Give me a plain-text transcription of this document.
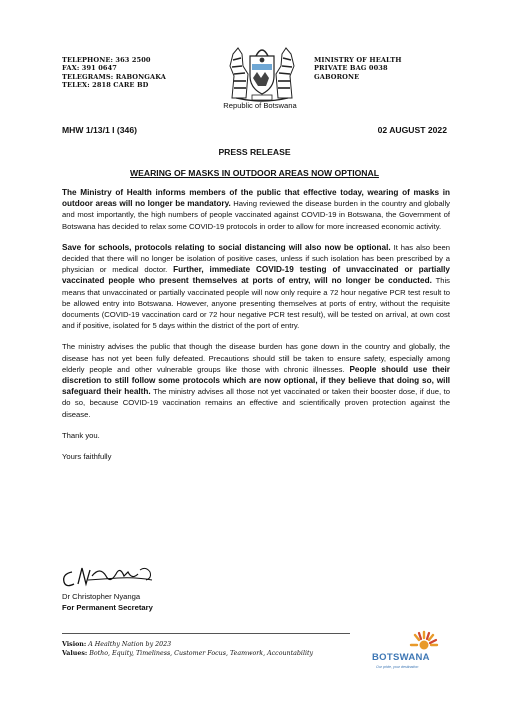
TELEPHONE: 363 2500
FAX: 391 0647
TELEGRAMS: RABONGAKA
TELEX: 2818 CARE BD
Republic of Botswana
MINISTRY OF HEALTH
PRIVATE BAG 0038
GABORONE
MHW 1/13/1 I (346)	02 AUGUST 2022
PRESS RELEASE
WEARING OF MASKS IN OUTDOOR AREAS NOW OPTIONAL

The Ministry of Health informs members of the public that effective today, wearing of masks in outdoor areas will no longer be mandatory. Having reviewed the disease burden in the country and globally and most importantly, the high numbers of people vaccinated against COVID-19 in Botswana, the Government of Botswana has decided to relax some COVID-19 protocols in order to allow for more increased economic activity.

Save for schools, protocols relating to social distancing will also now be optional. It has also been decided that there will no longer be isolation of positive cases, unless if such isolation has been prescribed by a physician or medical doctor. Further, immediate COVID-19 testing of unvaccinated or partially vaccinated people who present themselves at ports of entry, will no longer be conducted. This means that unvaccinated or partially vaccinated people will now only require a 72 hour negative PCR test result to be allowed entry into Botswana. However, anyone presenting themselves at ports of entry, without the requisite documents (COVID-19 vaccination card or 72 hour negative PCR test result), will be tested on arrival, at own cost and if positive, isolated for 5 days within the district of the port of entry.

The ministry advises the public that though the disease burden has gone down in the country and globally, the disease has not yet been fully defeated. Precautions should still be taken to ensure safety, especially among elderly people and other vulnerable groups like those with chronic illnesses. People should use their discretion to still follow some protocols which are now optional, if they believe that doing so, will safeguard their health. The ministry advises all those not yet vaccinated or taken their booster dose, if due, to do so, because COVID-19 vaccination remains an effective and scientifically proven protection against the disease.

Thank you.

Yours faithfully

Dr Christopher Nyanga
For Permanent Secretary
Vision: A Healthy Nation by 2023
Values: Botho, Equity, Timeliness, Customer Focus, Teamwork, Accountability	BOTSWANA
Our pride, your destination
